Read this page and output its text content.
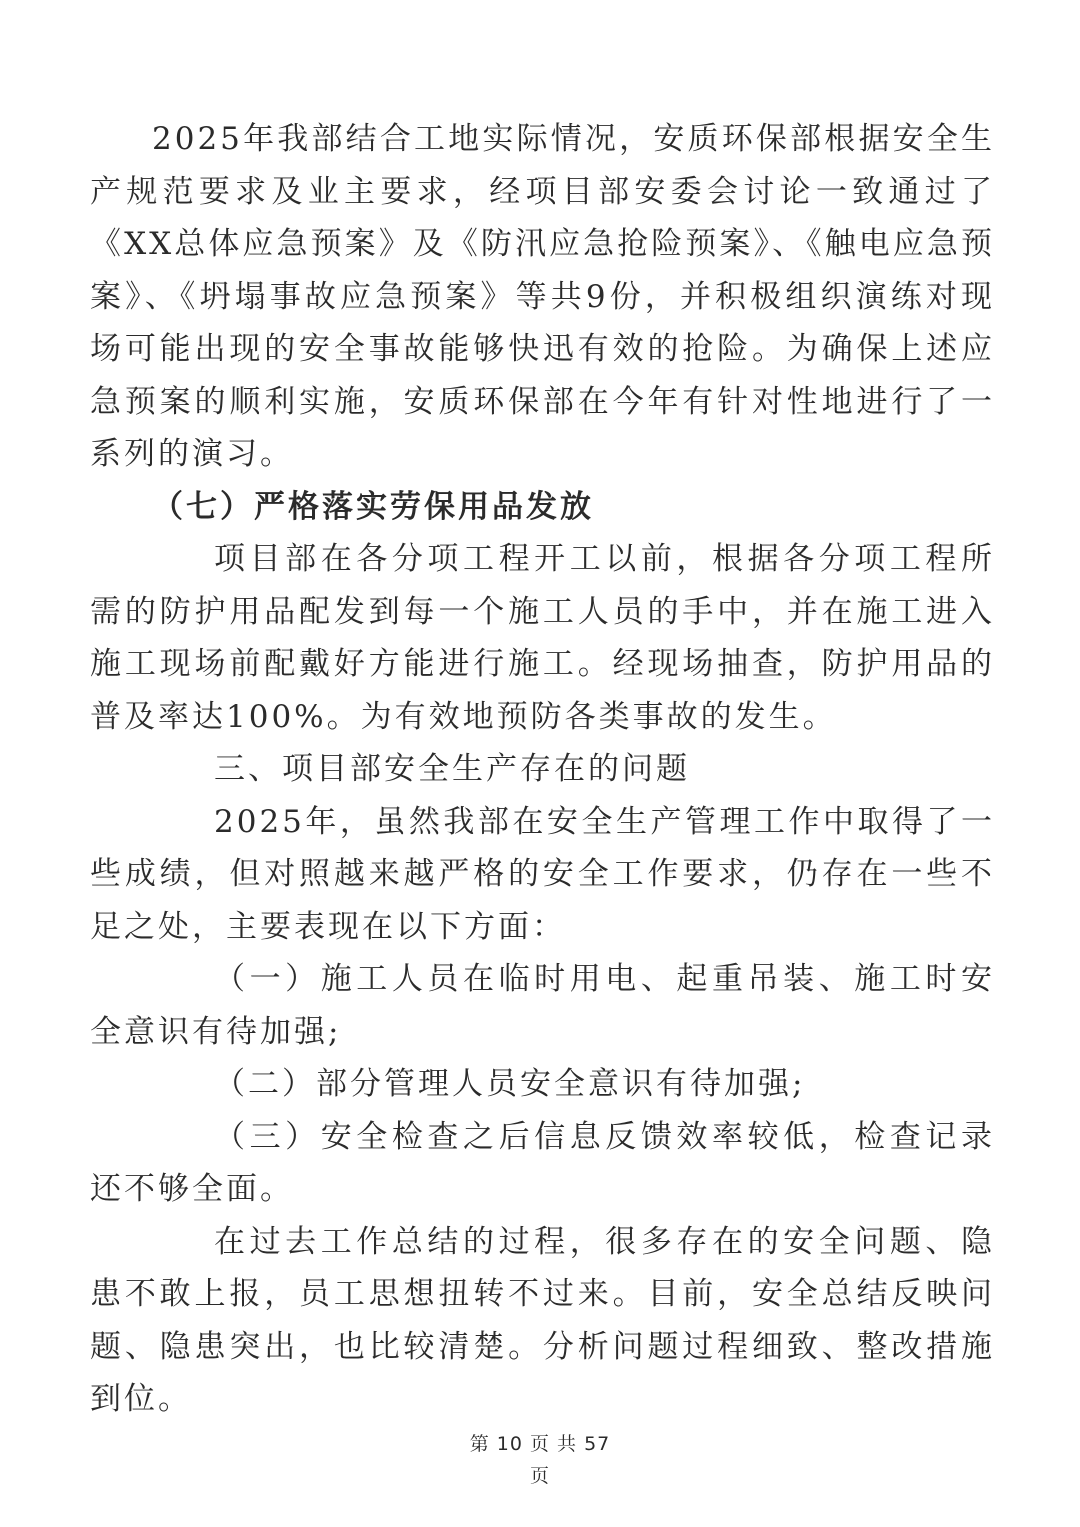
2025年我部结合工地实际情况，安质环保部根据安全生产规范要求及业主要求，经项目部安委会讨论一致通过了《XX总体应急预案》及《防汛应急抢险预案》、《触电应急预案》、《坍塌事故应急预案》等共9份，并积极组织演练对现场可能出现的安全事故能够快迅有效的抢险。为确保上述应急预案的顺利实施，安质环保部在今年有针对性地进行了一系列的演习。

（七）严格落实劳保用品发放

项目部在各分项工程开工以前，根据各分项工程所需的防护用品配发到每一个施工人员的手中，并在施工进入施工现场前配戴好方能进行施工。经现场抽查，防护用品的普及率达100%。为有效地预防各类事故的发生。

三、项目部安全生产存在的问题

2025年，虽然我部在安全生产管理工作中取得了一些成绩，但对照越来越严格的安全工作要求，仍存在一些不足之处，主要表现在以下方面：

（一）施工人员在临时用电、起重吊装、施工时安全意识有待加强;

（二）部分管理人员安全意识有待加强;

（三）安全检查之后信息反馈效率较低，检查记录还不够全面。

在过去工作总结的过程，很多存在的安全问题、隐患不敢上报，员工思想扭转不过来。目前，安全总结反映问题、隐患突出，也比较清楚。分析问题过程细致、整改措施到位。

第 10 页 共 57
页
